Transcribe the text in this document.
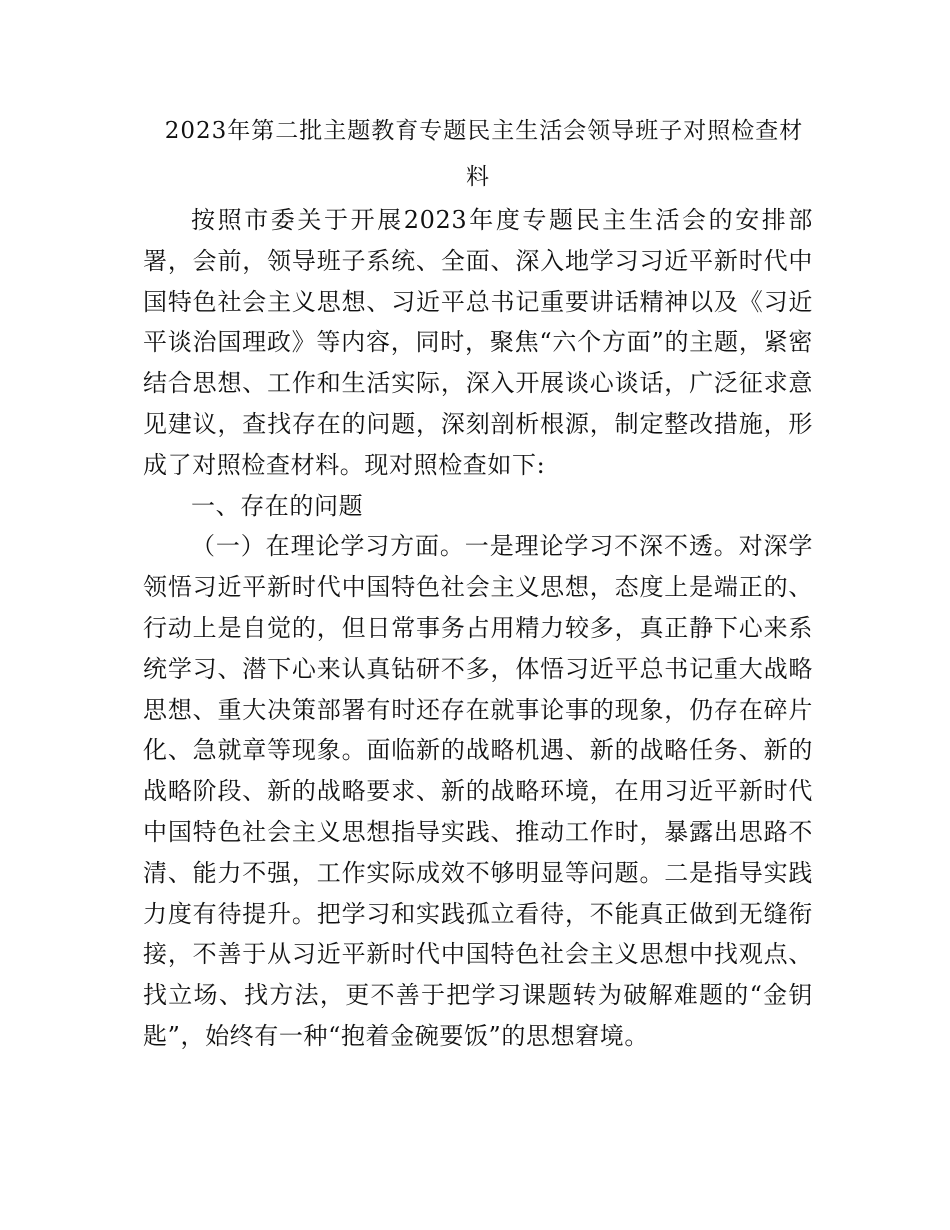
2023年第二批主题教育专题民主生活会领导班子对照检查材料

按照市委关于开展2023年度专题民主生活会的安排部署，会前，领导班子系统、全面、深入地学习习近平新时代中国特色社会主义思想、习近平总书记重要讲话精神以及《习近平谈治国理政》等内容，同时，聚焦“六个方面”的主题，紧密结合思想、工作和生活实际，深入开展谈心谈话，广泛征求意见建议，查找存在的问题，深刻剖析根源，制定整改措施，形成了对照检查材料。现对照检查如下:

一、存在的问题

（一）在理论学习方面。一是理论学习不深不透。对深学领悟习近平新时代中国特色社会主义思想，态度上是端正的、行动上是自觉的，但日常事务占用精力较多，真正静下心来系统学习、潜下心来认真钻研不多，体悟习近平总书记重大战略思想、重大决策部署有时还存在就事论事的现象，仍存在碎片化、急就章等现象。面临新的战略机遇、新的战略任务、新的战略阶段、新的战略要求、新的战略环境，在用习近平新时代中国特色社会主义思想指导实践、推动工作时，暴露出思路不清、能力不强，工作实际成效不够明显等问题。二是指导实践力度有待提升。把学习和实践孤立看待，不能真正做到无缝衔接，不善于从习近平新时代中国特色社会主义思想中找观点、找立场、找方法，更不善于把学习课题转为破解难题的“金钥匙”，始终有一种“抱着金碗要饭”的思想窘境。
